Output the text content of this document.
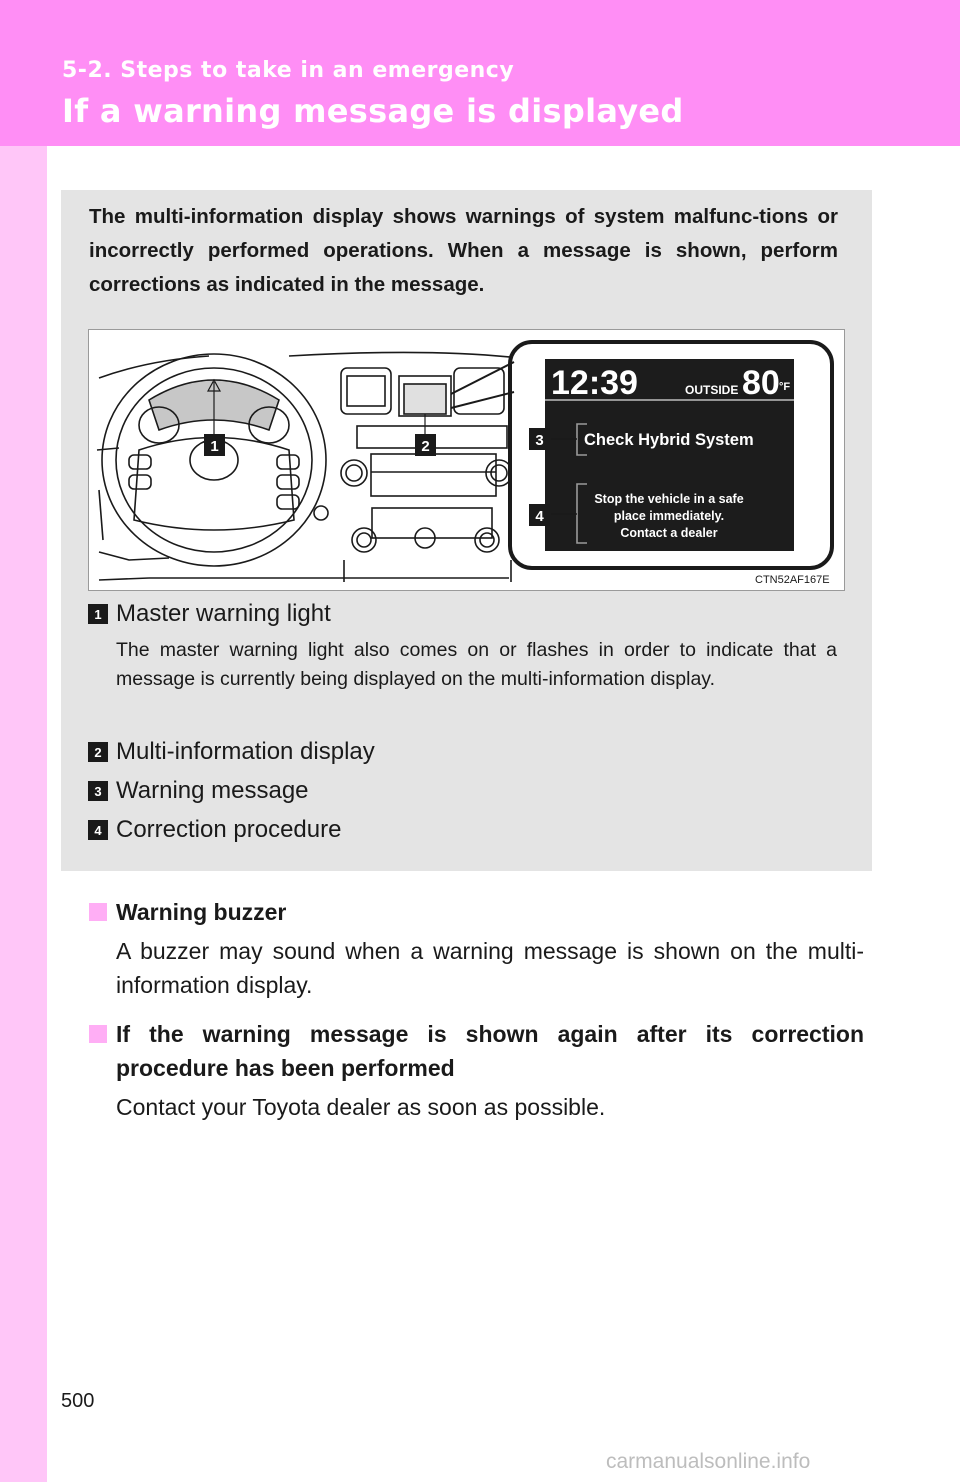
5-2. Steps to take in an emergency
If a warning message is displayed
The multi-information display shows warnings of system malfunc-tions or incorrectly performed operations. When a message is shown, perform corrections as indicated in the message.
12:39	OUTSIDE 80 °F
Check Hybrid System
Stop the vehicle in a safe
place immediately.
Contact a dealer
1	2	3
4
CTN52AF167E
1 Master warning light
The master warning light also comes on or flashes in order to indicate that a message is currently being displayed on the multi-information display.
2 Multi-information display
3 Warning message
4 Correction procedure
Warning buzzer
A buzzer may sound when a warning message is shown on the multi-information display.
If the warning message is shown again after its correction procedure has been performed
Contact your Toyota dealer as soon as possible.
500
carmanualsonline.info
